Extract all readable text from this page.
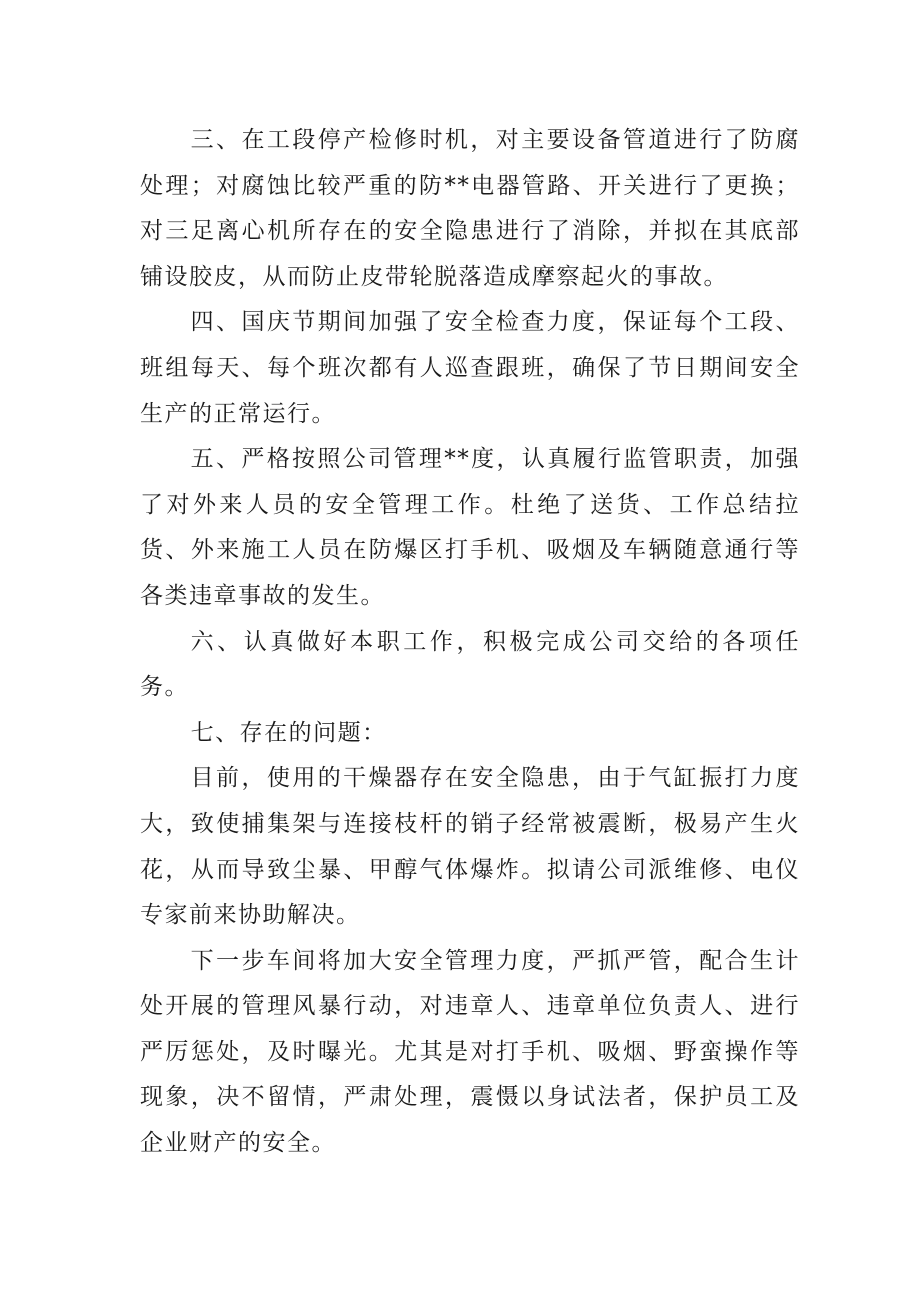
三、在工段停产检修时机，对主要设备管道进行了防腐处理；对腐蚀比较严重的防**电器管路、开关进行了更换；对三足离心机所存在的安全隐患进行了消除，并拟在其底部铺设胶皮，从而防止皮带轮脱落造成摩察起火的事故。

四、国庆节期间加强了安全检查力度，保证每个工段、班组每天、每个班次都有人巡查跟班，确保了节日期间安全生产的正常运行。

五、严格按照公司管理**度，认真履行监管职责，加强了对外来人员的安全管理工作。杜绝了送货、工作总结拉货、外来施工人员在防爆区打手机、吸烟及车辆随意通行等各类违章事故的发生。

六、认真做好本职工作，积极完成公司交给的各项任务。

七、存在的问题：

目前，使用的干燥器存在安全隐患，由于气缸振打力度大，致使捕集架与连接枝杆的销子经常被震断，极易产生火花，从而导致尘暴、甲醇气体爆炸。拟请公司派维修、电仪专家前来协助解决。

下一步车间将加大安全管理力度，严抓严管，配合生计处开展的管理风暴行动，对违章人、违章单位负责人、进行严厉惩处，及时曝光。尤其是对打手机、吸烟、野蛮操作等现象，决不留情，严肃处理，震慑以身试法者，保护员工及企业财产的安全。
